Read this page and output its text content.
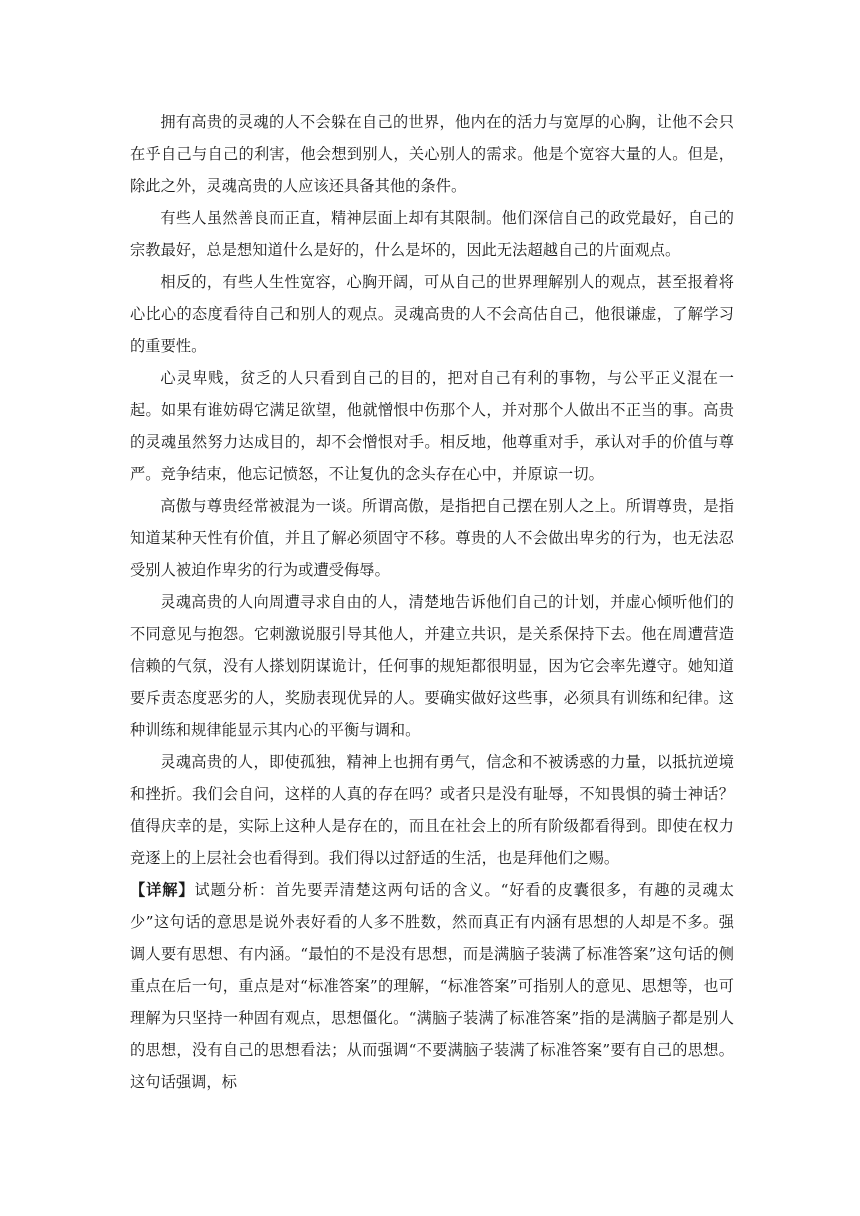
拥有高贵的灵魂的人不会躲在自己的世界，他内在的活力与宽厚的心胸，让他不会只在乎自己与自己的利害，他会想到别人，关心别人的需求。他是个宽容大量的人。但是，除此之外，灵魂高贵的人应该还具备其他的条件。

有些人虽然善良而正直，精神层面上却有其限制。他们深信自己的政党最好，自己的宗教最好，总是想知道什么是好的，什么是坏的，因此无法超越自己的片面观点。

相反的，有些人生性宽容，心胸开阔，可从自己的世界理解别人的观点，甚至报着将心比心的态度看待自己和别人的观点。灵魂高贵的人不会高估自己，他很谦虚，了解学习的重要性。

心灵卑贱，贫乏的人只看到自己的目的，把对自己有利的事物，与公平正义混在一起。如果有谁妨碍它满足欲望，他就憎恨中伤那个人，并对那个人做出不正当的事。高贵的灵魂虽然努力达成目的，却不会憎恨对手。相反地，他尊重对手，承认对手的价值与尊严。竞争结束，他忘记愤怒，不让复仇的念头存在心中，并原谅一切。

高傲与尊贵经常被混为一谈。所谓高傲，是指把自己摆在别人之上。所谓尊贵，是指知道某种天性有价值，并且了解必须固守不移。尊贵的人不会做出卑劣的行为，也无法忍受别人被迫作卑劣的行为或遭受侮辱。

灵魂高贵的人向周遭寻求自由的人，清楚地告诉他们自己的计划，并虚心倾听他们的不同意见与抱怨。它刺激说服引导其他人，并建立共识，是关系保持下去。他在周遭营造信赖的气氛，没有人搽划阴谋诡计，任何事的规矩都很明显，因为它会率先遵守。她知道要斥责态度恶劣的人，奖励表现优异的人。要确实做好这些事，必须具有训练和纪律。这种训练和规律能显示其内心的平衡与调和。

灵魂高贵的人，即使孤独，精神上也拥有勇气，信念和不被诱惑的力量，以抵抗逆境和挫折。我们会自问，这样的人真的存在吗？或者只是没有耻辱，不知畏惧的骑士神话？值得庆幸的是，实际上这种人是存在的，而且在社会上的所有阶级都看得到。即使在权力竞逐上的上层社会也看得到。我们得以过舒适的生活，也是拜他们之赐。

【详解】试题分析：首先要弄清楚这两句话的含义。“好看的皮囊很多，有趣的灵魂太少”这句话的意思是说外表好看的人多不胜数，然而真正有内涵有思想的人却是不多。强调人要有思想、有内涵。“最怕的不是没有思想，而是满脑子装满了标准答案”这句话的侧重点在后一句，重点是对“标准答案”的理解，“标准答案”可指别人的意见、思想等，也可理解为只坚持一种固有观点，思想僵化。“满脑子装满了标准答案”指的是满脑子都是别人的思想，没有自己的思想看法；从而强调“不要满脑子装满了标准答案”要有自己的思想。这句话强调，标
